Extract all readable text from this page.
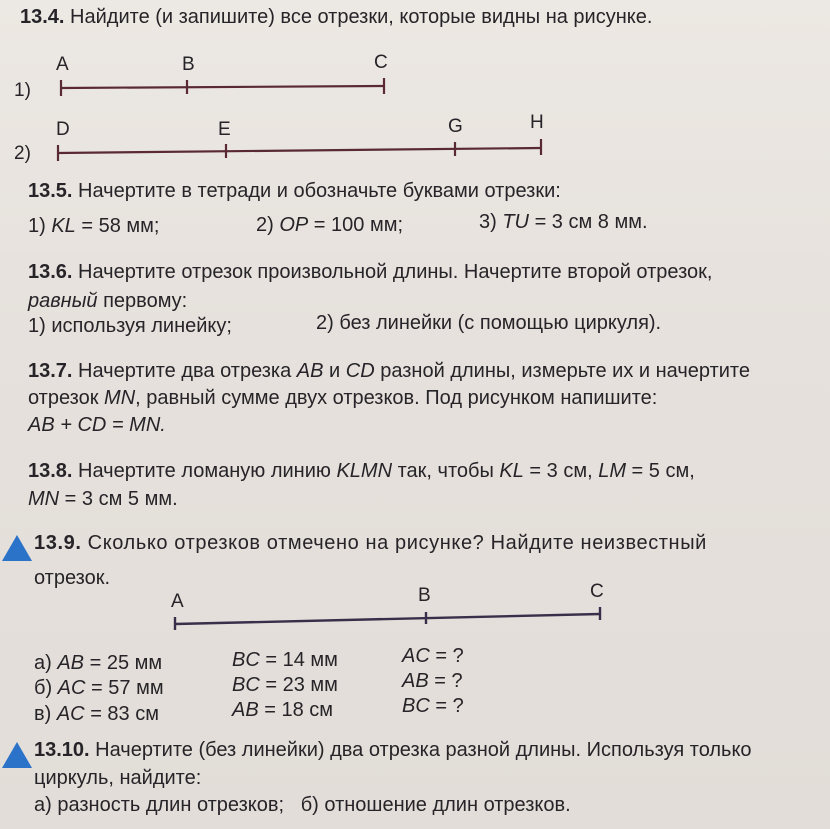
13.4. Найдите (и запишите) все отрезки, которые видны на рисунке.
1)
A	B	C
2)
D	E	G	H
13.5. Начертите в тетради и обозначьте буквами отрезки:
1) KL = 58 мм;	2) OP = 100 мм;	3) TU = 3 см 8 мм.
13.6. Начертите отрезок произвольной длины. Начертите второй отрезок,
равный первому:
1) используя линейку;	2) без линейки (с помощью циркуля).
13.7. Начертите два отрезка AB и CD разной длины, измерьте их и начертите
отрезок MN, равный сумме двух отрезков. Под рисунком напишите:
AB + CD = MN.
13.8. Начертите ломаную линию KLMN так, чтобы KL = 3 см, LM = 5 см,
MN = 3 см 5 мм.
13.9. Сколько отрезков отмечено на рисунке? Найдите неизвестный
отрезок.
A	B	C
а) AB = 25 мм	BC = 14 мм	AC = ?
б) AC = 57 мм	BC = 23 мм	AB = ?
в) AC = 83 см	AB = 18 см	BC = ?
13.10. Начертите (без линейки) два отрезка разной длины. Используя только
циркуль, найдите:
а) разность длин отрезков;   б) отношение длин отрезков.
